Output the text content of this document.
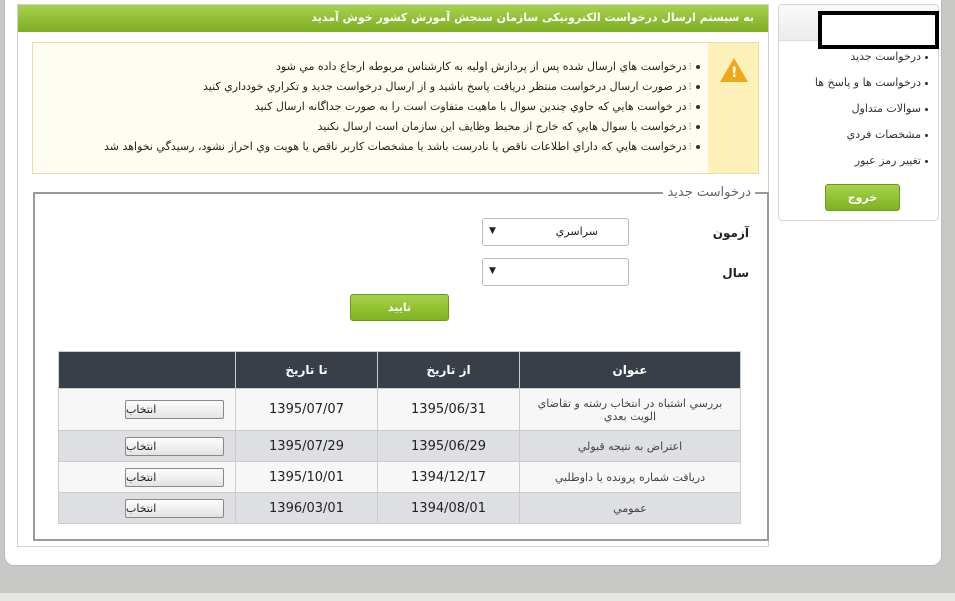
به سیستم ارسال درخواست الکترونیکی سازمان سنجش آموزش کشور خوش آمدید
!
⁝درخواست هاي ارسال شده پس از پردازش اوليه به كارشناس مربوطه ارجاع داده مي شود
⁝در صورت ارسال درخواست منتظر دريافت پاسخ باشيد و از ارسال درخواست جديد و تكراري خودداري كنيد
⁝در خواست هايي كه حاوي چندين سوال با ماهيت متفاوت است را به صورت جداگانه ارسال كنيد
⁝درخواست يا سوال هايي كه خارج از محيط وظايف اين سازمان است ارسال نكنيد
⁝درخواست هايي كه داراي اطلاعات ناقص يا نادرست باشد يا مشخصات كاربر ناقص يا هويت وي احراز نشود، رسيدگي نخواهد شد
درخواست جدید
آزمون
سراسري
▼
سال
▼
تایید
عنوان	از تاریخ	تا تاریخ	
بررسي اشتباه در انتخاب رشته و تقاضاي الويت بعدي	1395/06/31	1395/07/07	انتخاب
اعتراض به نتيجه قبولي	1395/06/29	1395/07/29	انتخاب
دريافت شماره پرونده يا داوطلبي	1394/12/17	1395/10/01	انتخاب
عمومي	1394/08/01	1396/03/01	انتخاب
درخواست جدید
درخواست ها و پاسخ ها
سوالات متداول
مشخصات فردي
تغيير رمز عبور
خروج
